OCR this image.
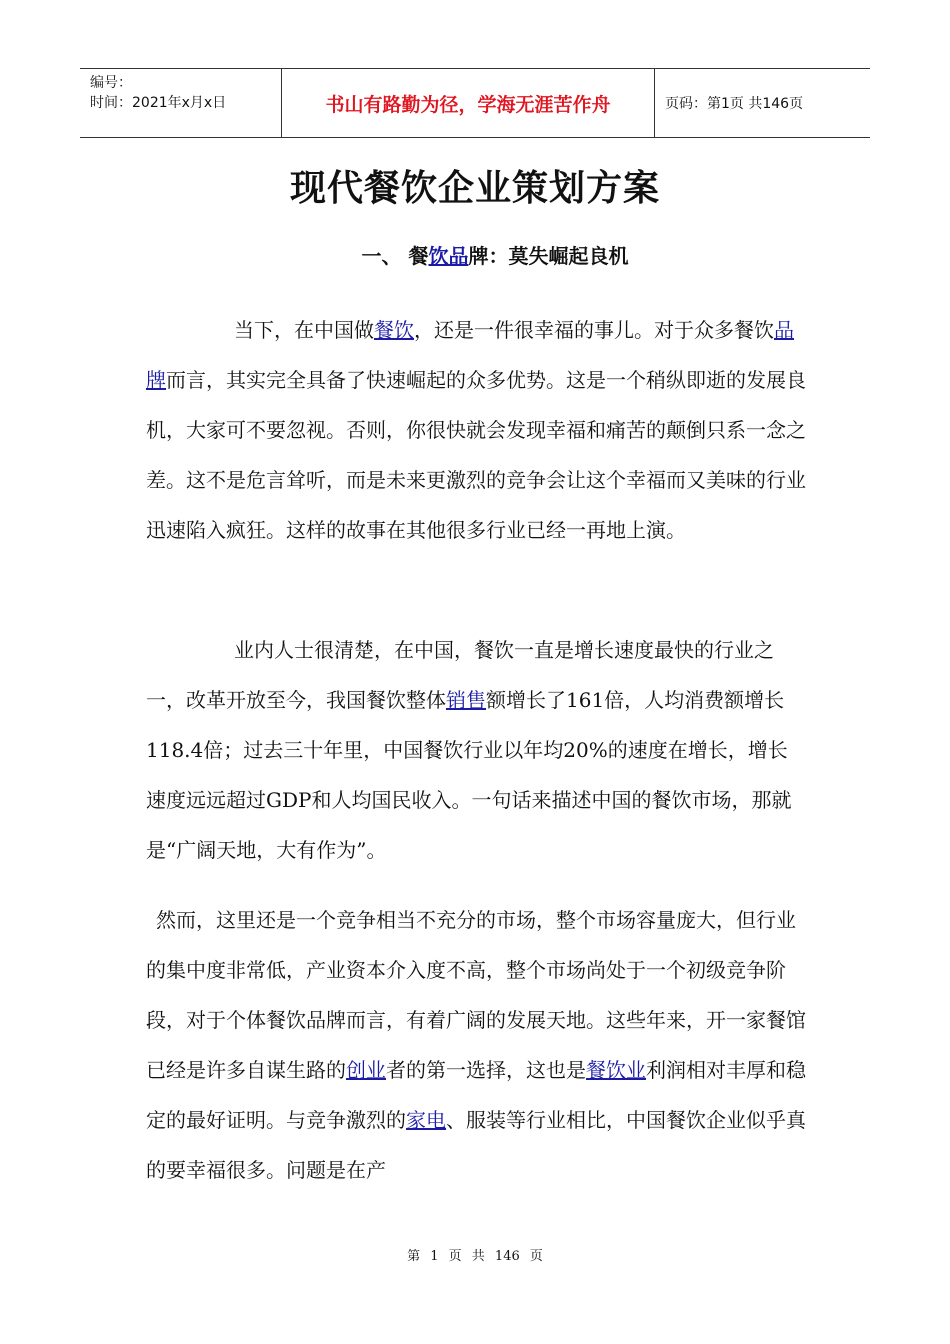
编号：
时间：2021年x月x日	书山有路勤为径，学海无涯苦作舟	页码：第1页 共146页
现代餐饮企业策划方案
一、 餐饮品牌：莫失崛起良机

当下，在中国做餐饮，还是一件很幸福的事儿。对于众多餐饮品牌而言，其实完全具备了快速崛起的众多优势。这是一个稍纵即逝的发展良机，大家可不要忽视。否则，你很快就会发现幸福和痛苦的颠倒只系一念之差。这不是危言耸听，而是未来更激烈的竞争会让这个幸福而又美味的行业迅速陷入疯狂。这样的故事在其他很多行业已经一再地上演。

业内人士很清楚，在中国，餐饮一直是增长速度最快的行业之一，改革开放至今，我国餐饮整体销售额增长了161倍，人均消费额增长118.4倍；过去三十年里，中国餐饮行业以年均20%的速度在增长，增长速度远远超过GDP和人均国民收入。一句话来描述中国的餐饮市场，那就是“广阔天地，大有作为”。

然而，这里还是一个竞争相当不充分的市场，整个市场容量庞大，但行业的集中度非常低，产业资本介入度不高，整个市场尚处于一个初级竞争阶段，对于个体餐饮品牌而言，有着广阔的发展天地。这些年来，开一家餐馆已经是许多自谋生路的创业者的第一选择，这也是餐饮业利润相对丰厚和稳定的最好证明。与竞争激烈的家电、服装等行业相比，中国餐饮企业似乎真的要幸福很多。问题是在产

第 1 页 共 146 页
